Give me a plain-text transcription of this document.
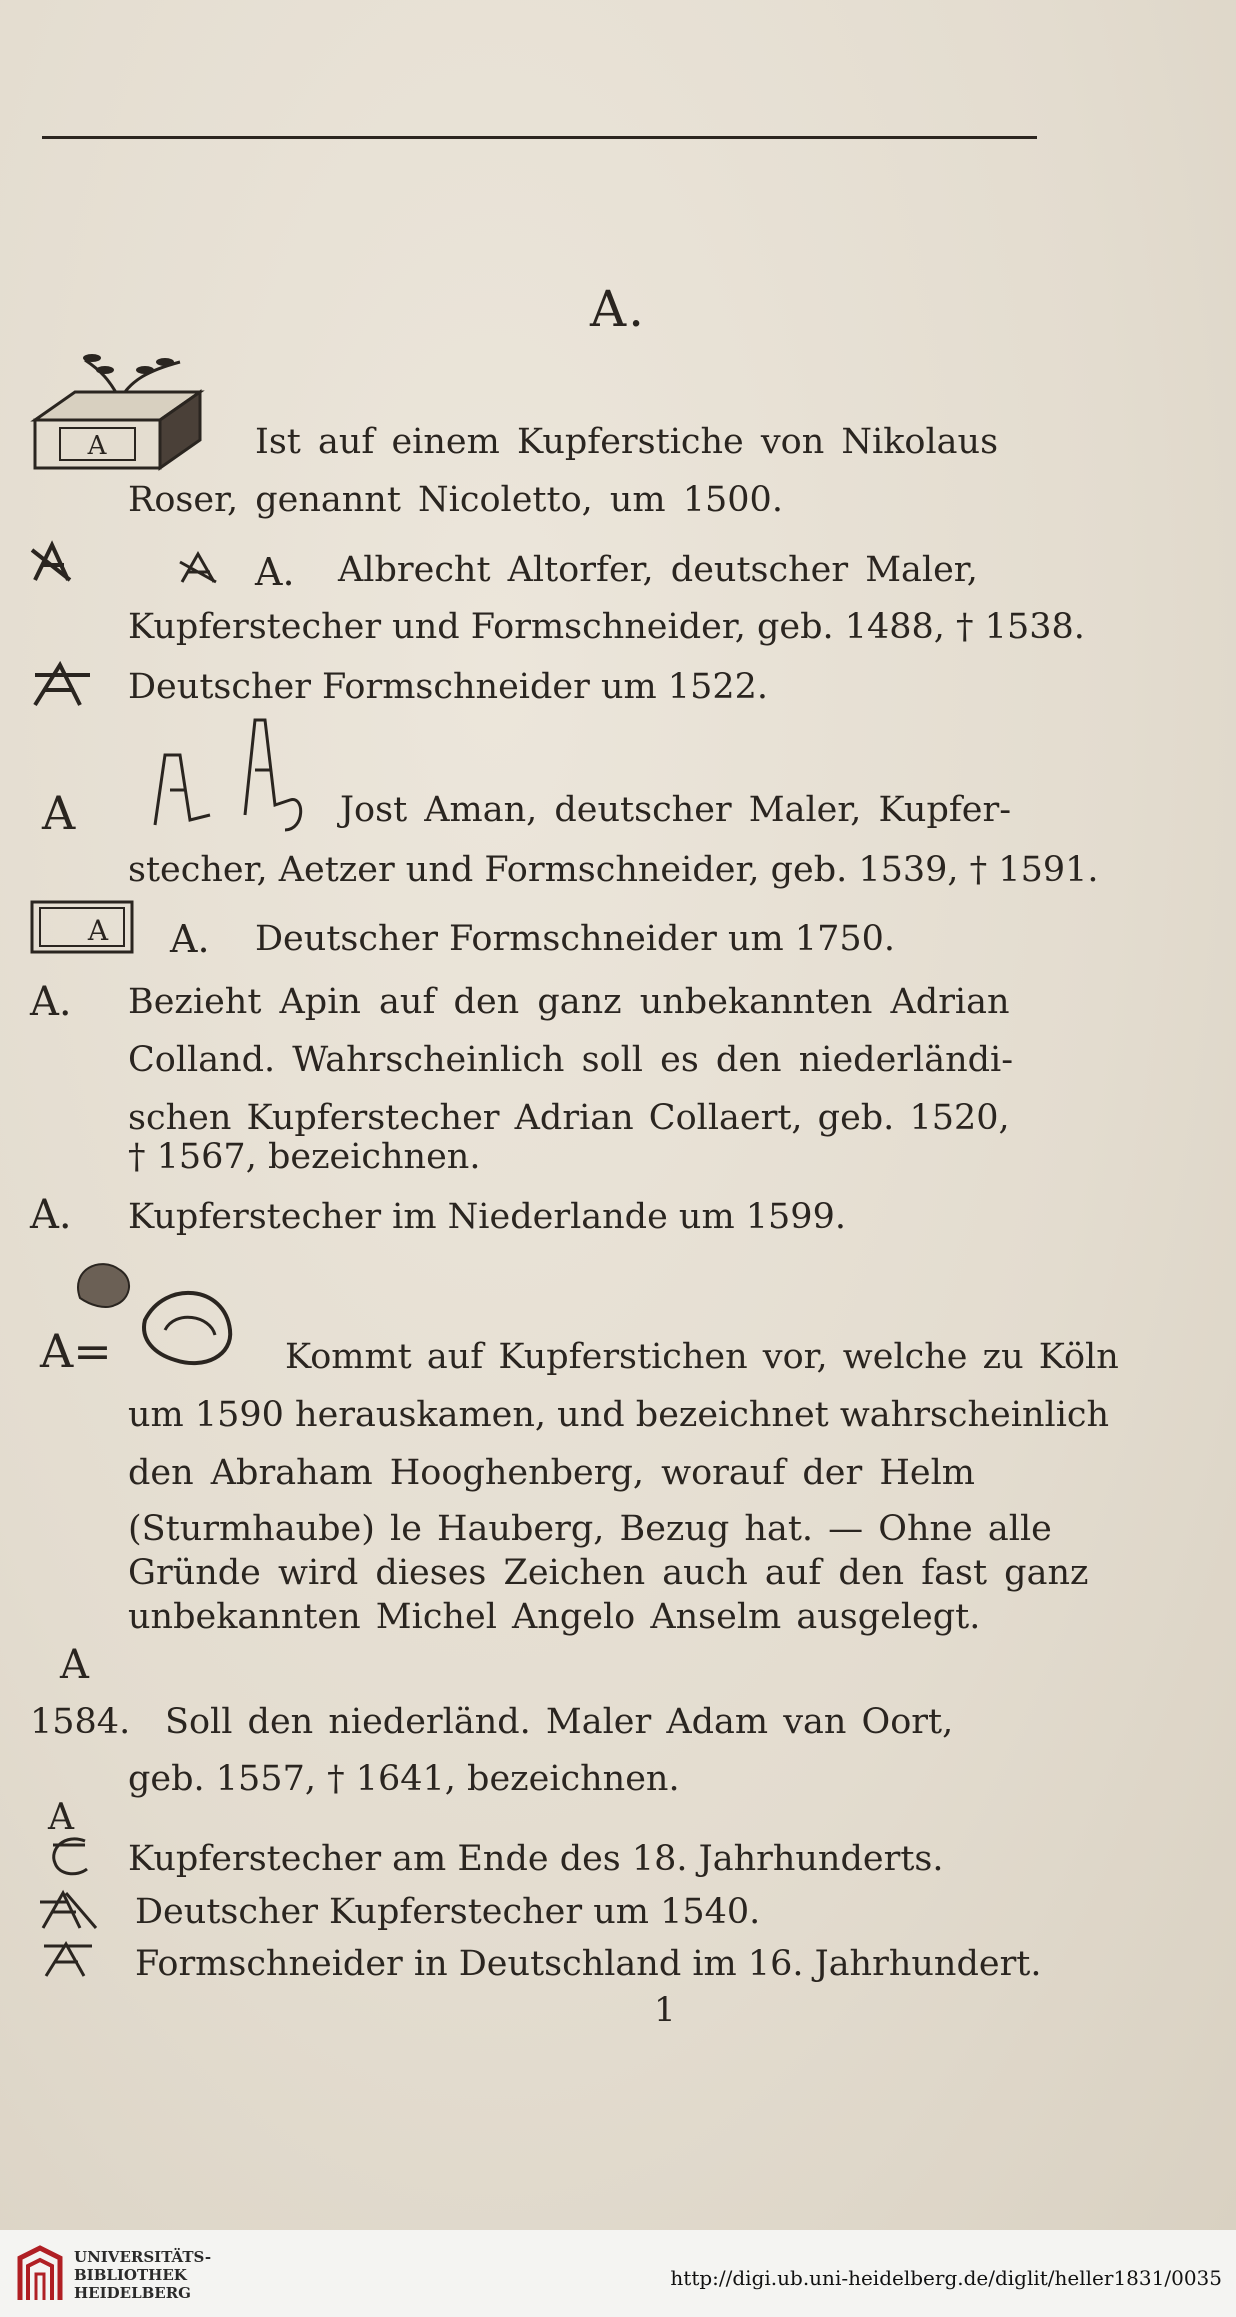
A.
A	Ist auf einem Kupferstiche von Nikolaus
Roser, genannt Nicoletto, um 1500.
A. Albrecht Altorfer, deutscher Maler,
Kupferstecher und Formschneider, geb. 1488, † 1538.
Deutscher Formschneider um 1522.
A	Jost Aman, deutscher Maler, Kupfer-
stecher, Aetzer und Formschneider, geb. 1539, † 1591.
A A. Deutscher Formschneider um 1750.
A. Bezieht Apin auf den ganz unbekannten Adrian
Colland. Wahrscheinlich soll es den niederländi-
schen Kupferstecher Adrian Collaert, geb. 1520,
† 1567, bezeichnen.
A. Kupferstecher im Niederlande um 1599.
A=	Kommt auf Kupferstichen vor, welche zu Köln
um 1590 herauskamen, und bezeichnet wahrscheinlich
den Abraham Hooghenberg, worauf der Helm
(Sturmhaube) le Hauberg, Bezug hat. — Ohne alle
Gründe wird dieses Zeichen auch auf den fast ganz
unbekannten Michel Angelo Anselm ausgelegt.
A
1584. Soll den niederländ. Maler Adam van Oort,
geb. 1557, † 1641, bezeichnen.
A
Kupferstecher am Ende des 18. Jahrhunderts.
Deutscher Kupferstecher um 1540.
Formschneider in Deutschland im 16. Jahrhundert.
1
UNIVERSITÄTS-
BIBLIOTHEK
HEIDELBERG
http://digi.ub.uni-heidelberg.de/diglit/heller1831/0035
